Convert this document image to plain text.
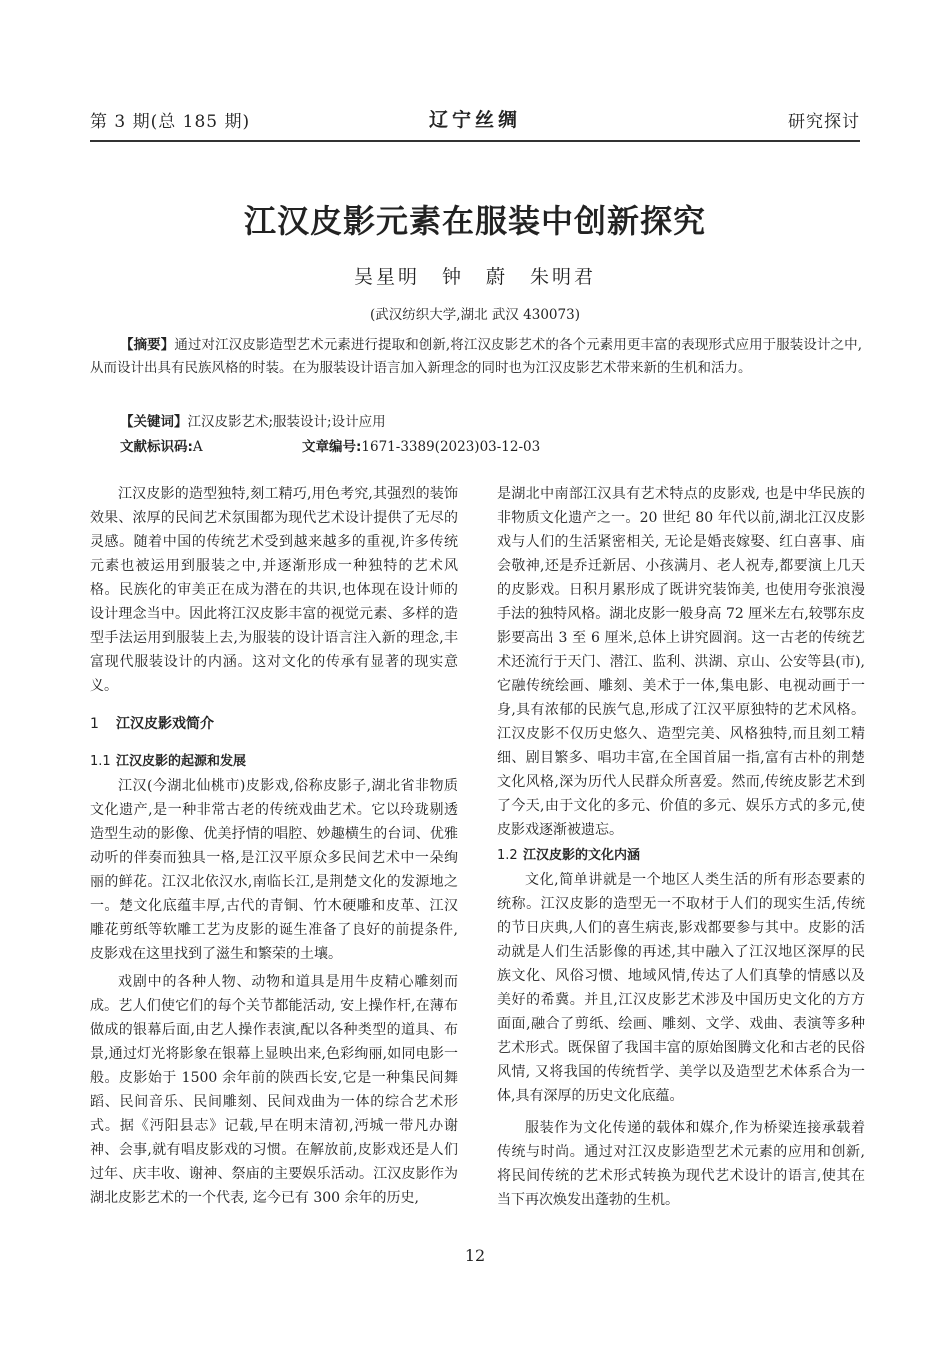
第 3 期(总 185 期)	辽宁丝绸	研究探讨
江汉皮影元素在服装中创新探究
吴星明　钟　蔚　朱明君
(武汉纺织大学,湖北 武汉 430073)
【摘要】通过对江汉皮影造型艺术元素进行提取和创新,将江汉皮影艺术的各个元素用更丰富的表现形式应用于服装设计之中,从而设计出具有民族风格的时装。在为服装设计语言加入新理念的同时也为江汉皮影艺术带来新的生机和活力。
【关键词】江汉皮影艺术;服装设计;设计应用
文献标识码:A	文章编号:1671-3389(2023)03-12-03

江汉皮影的造型独特,刻工精巧,用色考究,其强烈的装饰效果、浓厚的民间艺术氛围都为现代艺术设计提供了无尽的灵感。随着中国的传统艺术受到越来越多的重视,许多传统元素也被运用到服装之中,并逐渐形成一种独特的艺术风格。民族化的审美正在成为潜在的共识,也体现在设计师的设计理念当中。因此将江汉皮影丰富的视觉元素、多样的造型手法运用到服装上去,为服装的设计语言注入新的理念,丰富现代服装设计的内涵。这对文化的传承有显著的现实意义。

1 江汉皮影戏简介
1.1 江汉皮影的起源和发展

江汉(今湖北仙桃市)皮影戏,俗称皮影子,湖北省非物质文化遗产,是一种非常古老的传统戏曲艺术。它以玲珑剔透造型生动的影像、优美抒情的唱腔、妙趣横生的台词、优雅动听的伴奏而独具一格,是江汉平原众多民间艺术中一朵绚丽的鲜花。江汉北依汉水,南临长江,是荆楚文化的发源地之一。楚文化底蕴丰厚,古代的青铜、竹木硬雕和皮革、江汉雕花剪纸等软雕工艺为皮影的诞生准备了良好的前提条件, 皮影戏在这里找到了滋生和繁荣的土壤。

戏剧中的各种人物、动物和道具是用牛皮精心雕刻而成。艺人们使它们的每个关节都能活动, 安上操作杆,在薄布做成的银幕后面,由艺人操作表演,配以各种类型的道具、布景,通过灯光将影象在银幕上显映出来,色彩绚丽,如同电影一般。皮影始于 1500 余年前的陕西长安,它是一种集民间舞蹈、民间音乐、民间雕刻、民间戏曲为一体的综合艺术形式。据《沔阳县志》记载,早在明末清初,沔城一带凡办谢神、会事,就有唱皮影戏的习惯。在解放前,皮影戏还是人们过年、庆丰收、谢神、祭庙的主要娱乐活动。江汉皮影作为湖北皮影艺术的一个代表, 迄今已有 300 余年的历史,

是湖北中南部江汉具有艺术特点的皮影戏, 也是中华民族的非物质文化遗产之一。20 世纪 80 年代以前,湖北江汉皮影戏与人们的生活紧密相关, 无论是婚丧嫁娶、红白喜事、庙会敬神,还是乔迁新居、小孩满月、老人祝寿,都要演上几天的皮影戏。日积月累形成了既讲究装饰美, 也使用夸张浪漫手法的独特风格。湖北皮影一般身高 72 厘米左右,较鄂东皮影要高出 3 至 6 厘米,总体上讲究圆润。这一古老的传统艺术还流行于天门、潜江、监利、洪湖、京山、公安等县(市),它融传统绘画、雕刻、美术于一体,集电影、电视动画于一身,具有浓郁的民族气息,形成了江汉平原独特的艺术风格。江汉皮影不仅历史悠久、造型完美、风格独特,而且刻工精细、剧目繁多、唱功丰富,在全国首届一指,富有古朴的荆楚文化风格,深为历代人民群众所喜爱。然而,传统皮影艺术到了今天,由于文化的多元、价值的多元、娱乐方式的多元,使皮影戏逐渐被遗忘。

1.2 江汉皮影的文化内涵

文化,简单讲就是一个地区人类生活的所有形态要素的统称。江汉皮影的造型无一不取材于人们的现实生活,传统的节日庆典,人们的喜生病丧,影戏都要参与其中。皮影的活动就是人们生活影像的再述,其中融入了江汉地区深厚的民族文化、风俗习惯、地域风情,传达了人们真挚的情感以及美好的希冀。并且,江汉皮影艺术涉及中国历史文化的方方面面,融合了剪纸、绘画、雕刻、文学、戏曲、表演等多种艺术形式。既保留了我国丰富的原始图腾文化和古老的民俗风情, 又将我国的传统哲学、美学以及造型艺术体系合为一体,具有深厚的历史文化底蕴。

服装作为文化传递的载体和媒介,作为桥梁连接承载着传统与时尚。通过对江汉皮影造型艺术元素的应用和创新, 将民间传统的艺术形式转换为现代艺术设计的语言,使其在当下再次焕发出蓬勃的生机。

12
